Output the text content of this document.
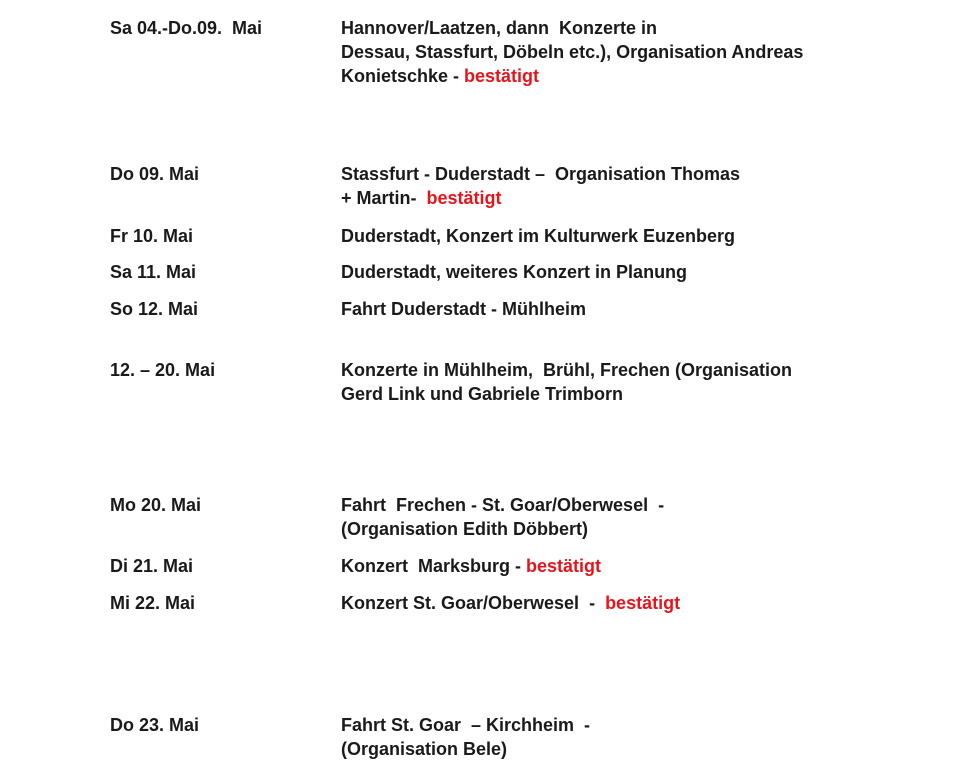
Sa 04.-Do.09.  Mai	Hannover/Laatzen, dann  Konzerte in
Dessau, Stassfurt, Döbeln etc.), Organisation Andreas
Konietschke - bestätigt
Do 09. Mai	Stassfurt - Duderstadt –  Organisation Thomas
+ Martin-  bestätigt
Fr 10. Mai	Duderstadt, Konzert im Kulturwerk Euzenberg
Sa 11. Mai	Duderstadt, weiteres Konzert in Planung
So 12. Mai	Fahrt Duderstadt - Mühlheim
12. – 20. Mai	Konzerte in Mühlheim,  Brühl, Frechen (Organisation
Gerd Link und Gabriele Trimborn
Mo 20. Mai	Fahrt  Frechen - St. Goar/Oberwesel  -
(Organisation Edith Döbbert)
Di 21. Mai	Konzert  Marksburg - bestätigt
Mi 22. Mai	Konzert St. Goar/Oberwesel  -  bestätigt
Do 23. Mai	Fahrt St. Goar  – Kirchheim  -
(Organisation Bele)
